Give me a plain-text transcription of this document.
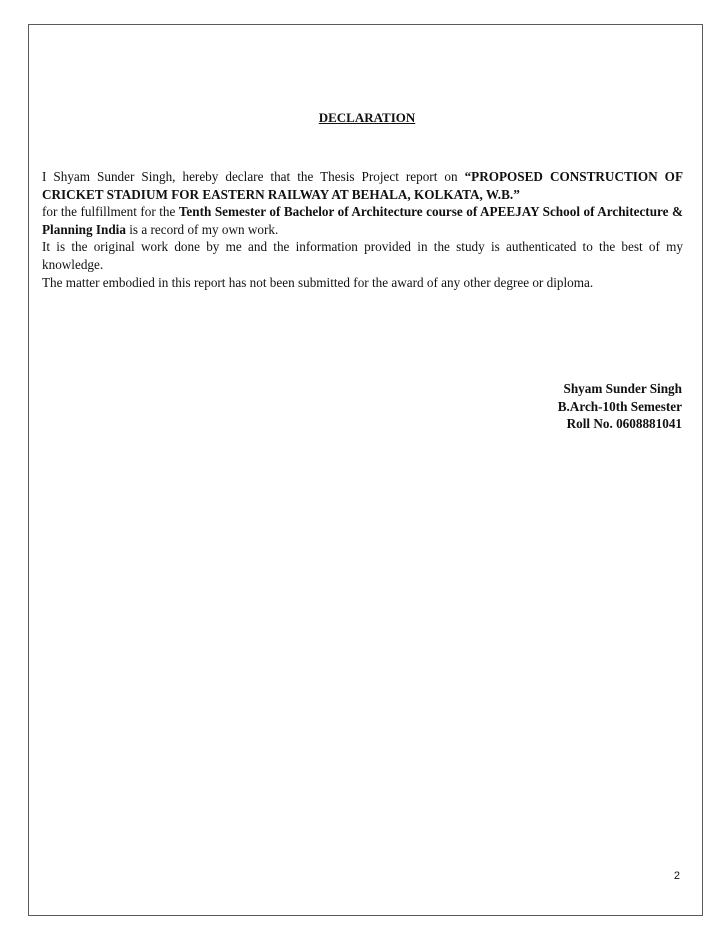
DECLARATION

I Shyam Sunder Singh, hereby declare that the Thesis Project report on “PROPOSED CONSTRUCTION OF CRICKET STADIUM FOR EASTERN RAILWAY AT BEHALA, KOLKATA, W.B.”

for the fulfillment for the Tenth Semester of Bachelor of Architecture course of APEEJAY School of Architecture & Planning India is a record of my own work.

It is the original work done by me and the information provided in the study is authenticated to the best of my knowledge.

The matter embodied in this report has not been submitted for the award of any other degree or diploma.

Shyam Sunder Singh
B.Arch-10th Semester
Roll No. 0608881041
2
